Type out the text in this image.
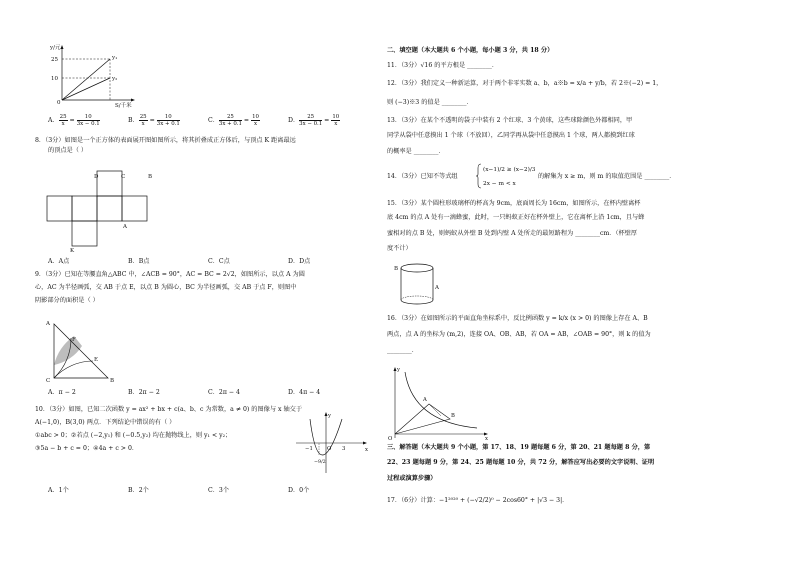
y/元
S/千米
0
25
10
y₁
y₂
A． $\frac{25}{x} = \frac{10}{3x - 0.1}$	B． $\frac{25}{x} = \frac{10}{3x + 0.1}$	C． $\frac{25}{3x + 0.1} = \frac{10}{x}$	D． $\frac{25}{3x - 0.1} = \frac{10}{x}$
8．（3分）如图是一个正方体的表面展开图如图所示，将其折叠成正方体后，与顶点 K 距离最远
的顶点是（ ）
D	C	B
A
K
A．A点	B．B点	C．C点	D．D点
9．（3分）已知在等腰直角△ABC 中，∠ACB = 90°，AC = BC = 2√2，如图所示，以点 A 为圆
心，AC 为半径画弧，交 AB 于点 E，以点 B 为圆心，BC 为半径画弧，交 AB 于点 F，则图中
阴影部分的面积是（ ）
A
F
E
C	B
A．π − 2	B．2π − 2	C．2π − 4	D．4π − 4
10．（3分）如图，已知二次函数 y = ax² + bx + c(a、b、c 为常数，a ≠ 0) 的图像与 x 轴交于
A(−1,0)，B(3,0) 两点．下列结论中错误的有（ ）
①abc > 0；②若点 (−2,y₁) 和 (−0.5,y₂) 均在抛物线上，则 y₁ < y₂；
③5a − b + c = 0；④4a + c > 0．
y
x
O
−1	3
−9/2
A．1个	B．2个	C．3个	D．0个
二、填空题（本大题共 6 个小题，每小题 3 分，共 18 分）
11．（3分）√16 的平方根是 ________．
12．（3分）我们定义一种新运算，对于两个非零实数 a、b，a※b = x/a + y/b，若 2※(−2) = 1，
则 (−3)※3 的值是 ________．
13．（3分）在某个不透明的袋子中装有 2 个红球、3 个黄球，这些球除颜色外都相同，甲
同学从袋中任意摸出 1 个球（不放回），乙同学再从袋中任意摸出 1 个球，两人都摸到红球
的概率是 ________．
14．（3分）已知不等式组
(x−1)/2 ≥ (x−2)/3
2x − m < x
的解集为 x ≥ m，则 m 的取值范围是 ________．
15．（3分）某个圆柱形玻璃杯的杯高为 9cm，底面周长为 16cm，如图所示，在杯内壁离杯
底 4cm 的点 A 处有一滴蜂蜜，此时，一只蚂蚁正好在杯外壁上，它在离杯上沿 1cm，且与蜂
蜜相对的点 B 处，则蚂蚁从外壁 B 处到内壁 A 处所走的最短路程为 ________cm．（杯壁厚
度不计）
B
A
16．（3分）在如图所示的平面直角坐标系中，反比例函数 y = k/x (x > 0) 的图像上存在 A、B
两点，点 A 的坐标为 (m,2)，连接 OA、OB、AB，若 OA = AB，∠OAB = 90°，则 k 的值为
________．
y
x
O
A
B
三、解答题（本大题共 9 个小题，第 17、18、19 题每题 6 分，第 20、21 题每题 8 分，第
22、23 题每题 9 分，第 24、25 题每题 10 分，共 72 分，解答应写出必要的文字说明、证明
过程或演算步骤）
17．（6分）计算：−1²⁰²⁰ + (−√2/2)⁰ − 2cos60° + |√3 − 3|．
